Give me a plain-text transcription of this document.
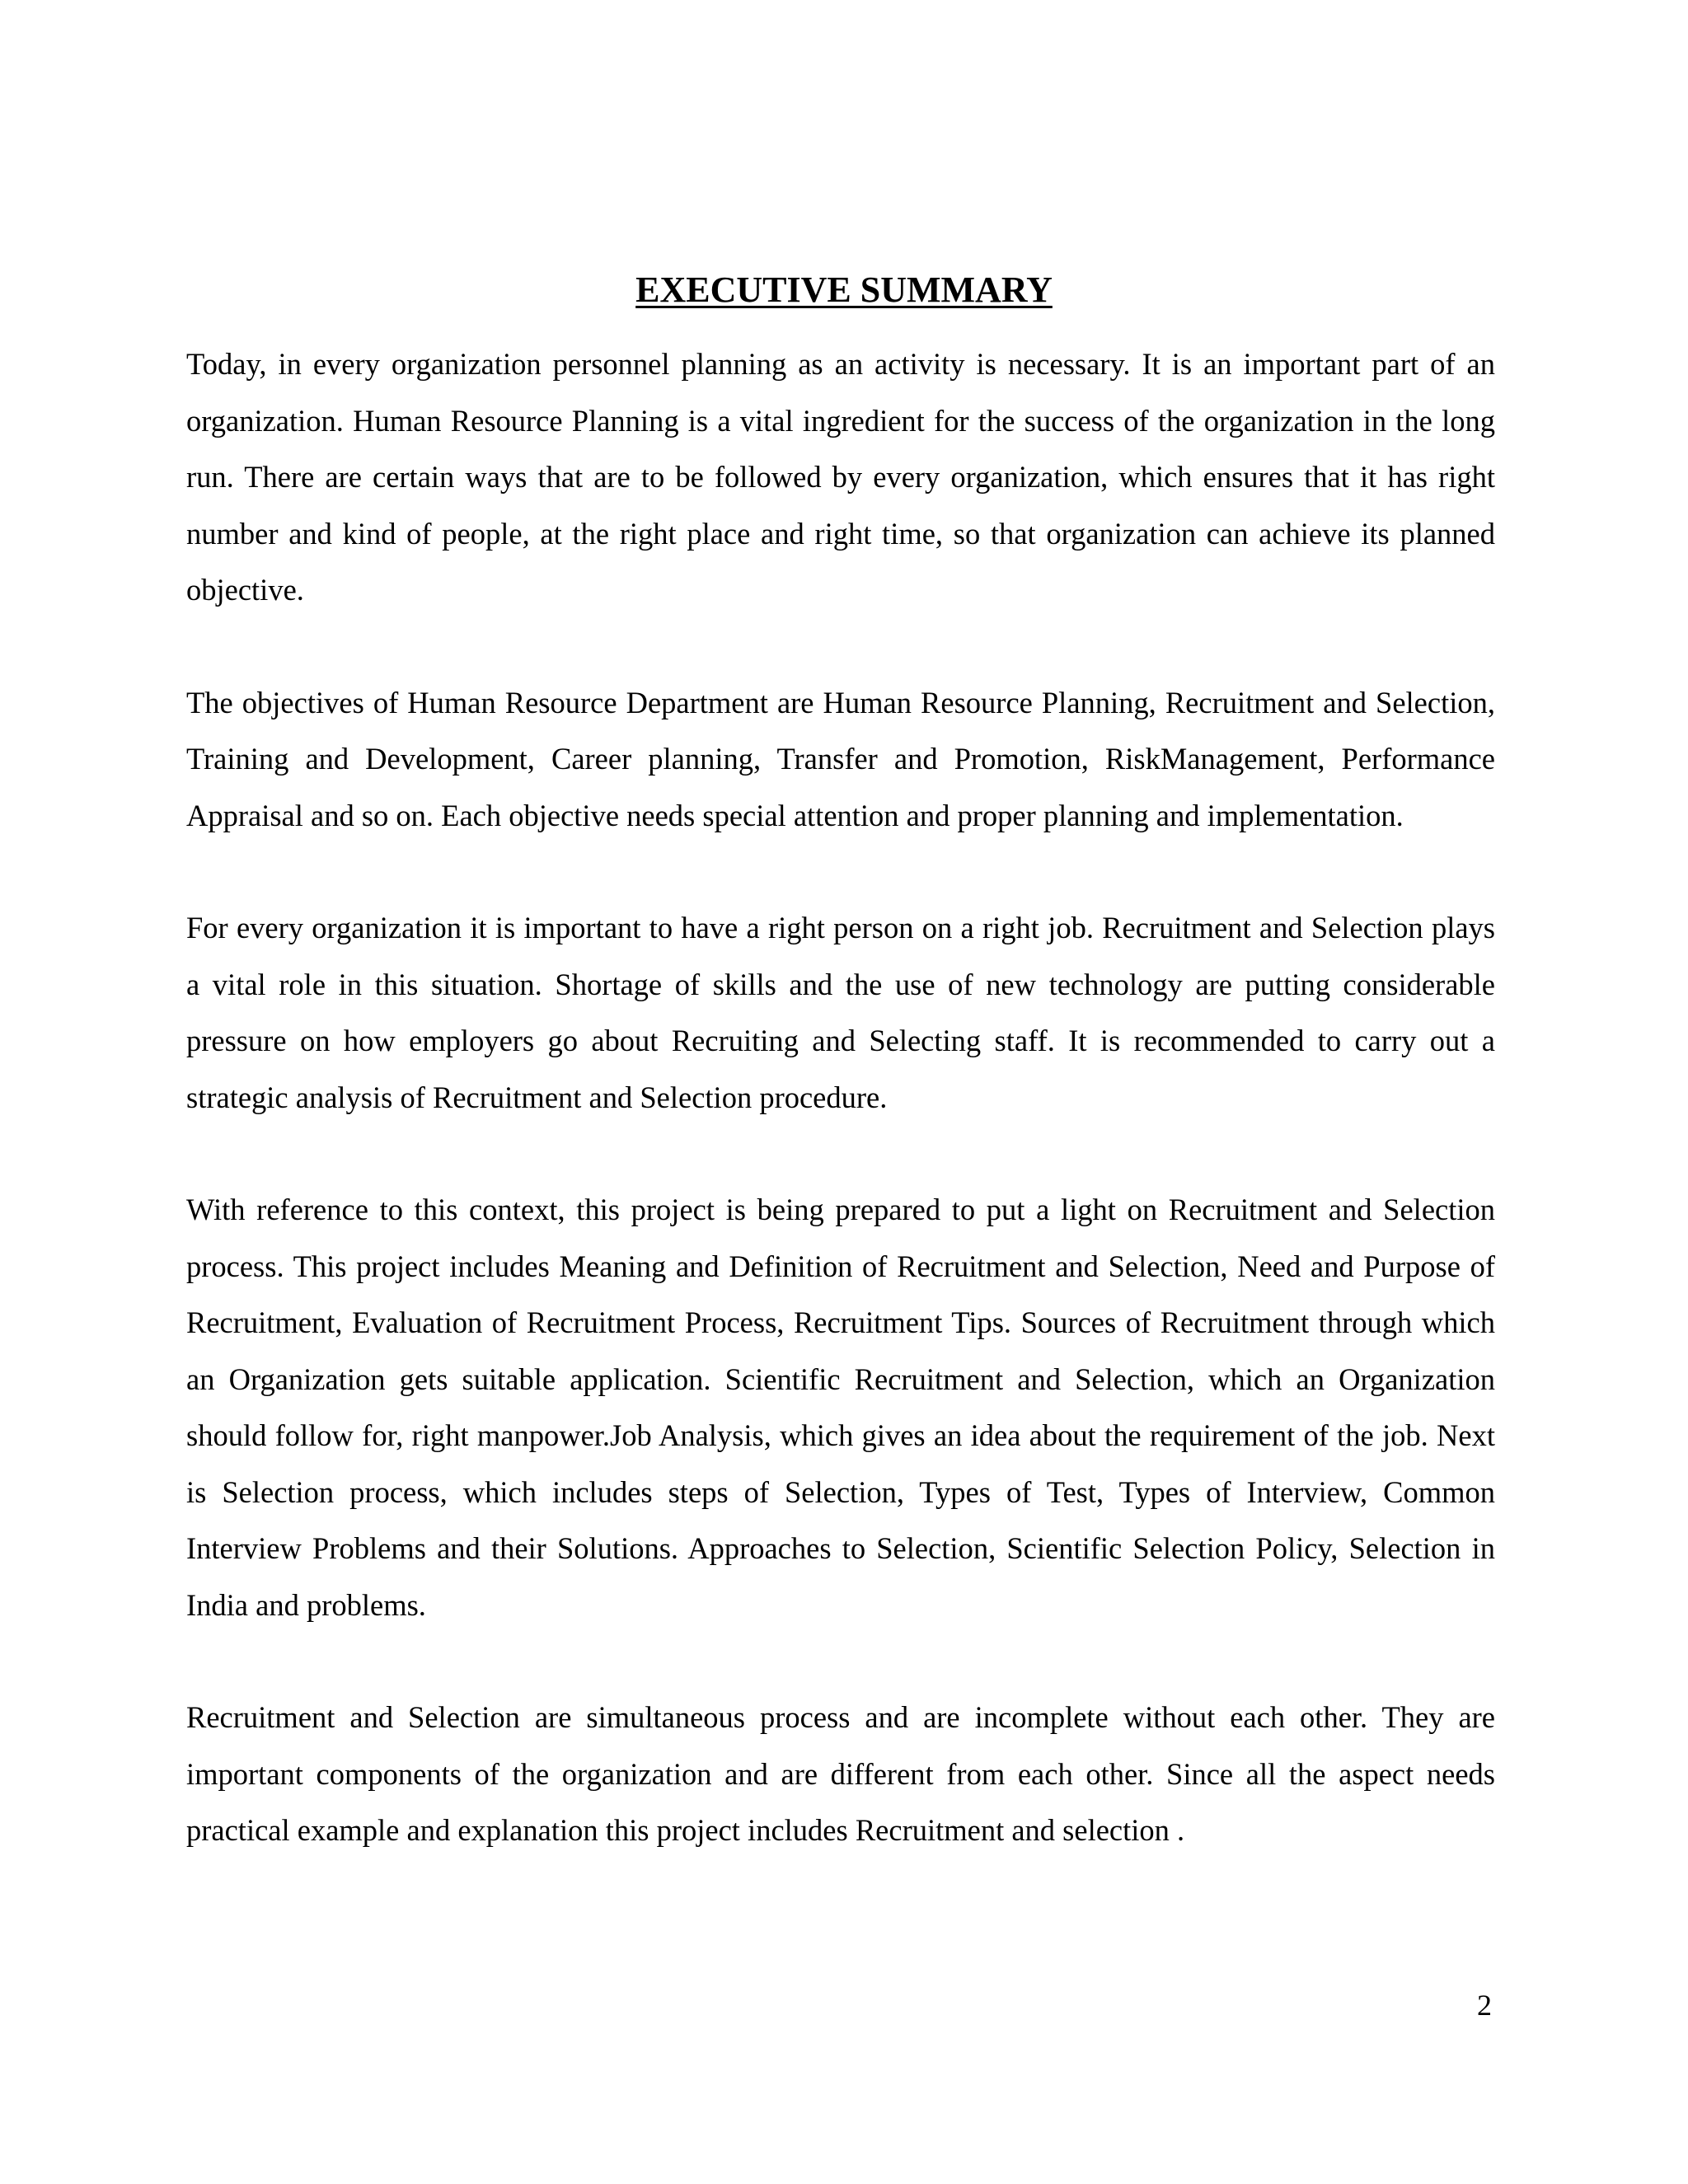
EXECUTIVE SUMMARY

Today, in every organization personnel planning as an activity is necessary. It is an important part of an organization. Human Resource Planning is a vital ingredient for the success of the organization in the long run. There are certain ways that are to be followed by every organization, which ensures that it has right number and kind of people, at the right place and right time, so that organization can achieve its planned objective.

The objectives of Human Resource Department are Human Resource Planning, Recruitment and Selection, Training and Development, Career planning, Transfer and Promotion, RiskManagement, Performance Appraisal and so on. Each objective needs special attention and proper planning and implementation.

For every organization it is important to have a right person on a right job. Recruitment and Selection plays a vital role in this situation. Shortage of skills and the use of new technology are putting considerable pressure on how employers go about Recruiting and Selecting staff. It is recommended to carry out a strategic analysis of Recruitment and Selection procedure.

With reference to this context, this project is being prepared to put a light on Recruitment and Selection process. This project includes Meaning and Definition of Recruitment and Selection, Need and Purpose of Recruitment, Evaluation of Recruitment Process, Recruitment Tips. Sources of Recruitment through which an Organization gets suitable application. Scientific Recruitment and Selection, which an Organization should follow for, right manpower.Job Analysis, which gives an idea about the requirement of the job. Next is Selection process, which includes steps of Selection, Types of Test, Types of Interview, Common Interview Problems and their Solutions. Approaches to Selection, Scientific Selection Policy, Selection in India and problems.

Recruitment and Selection are simultaneous process and are incomplete without each other. They are important components of the organization and are different from each other. Since all the aspect needs practical example and explanation this project includes Recruitment and selection .

2
